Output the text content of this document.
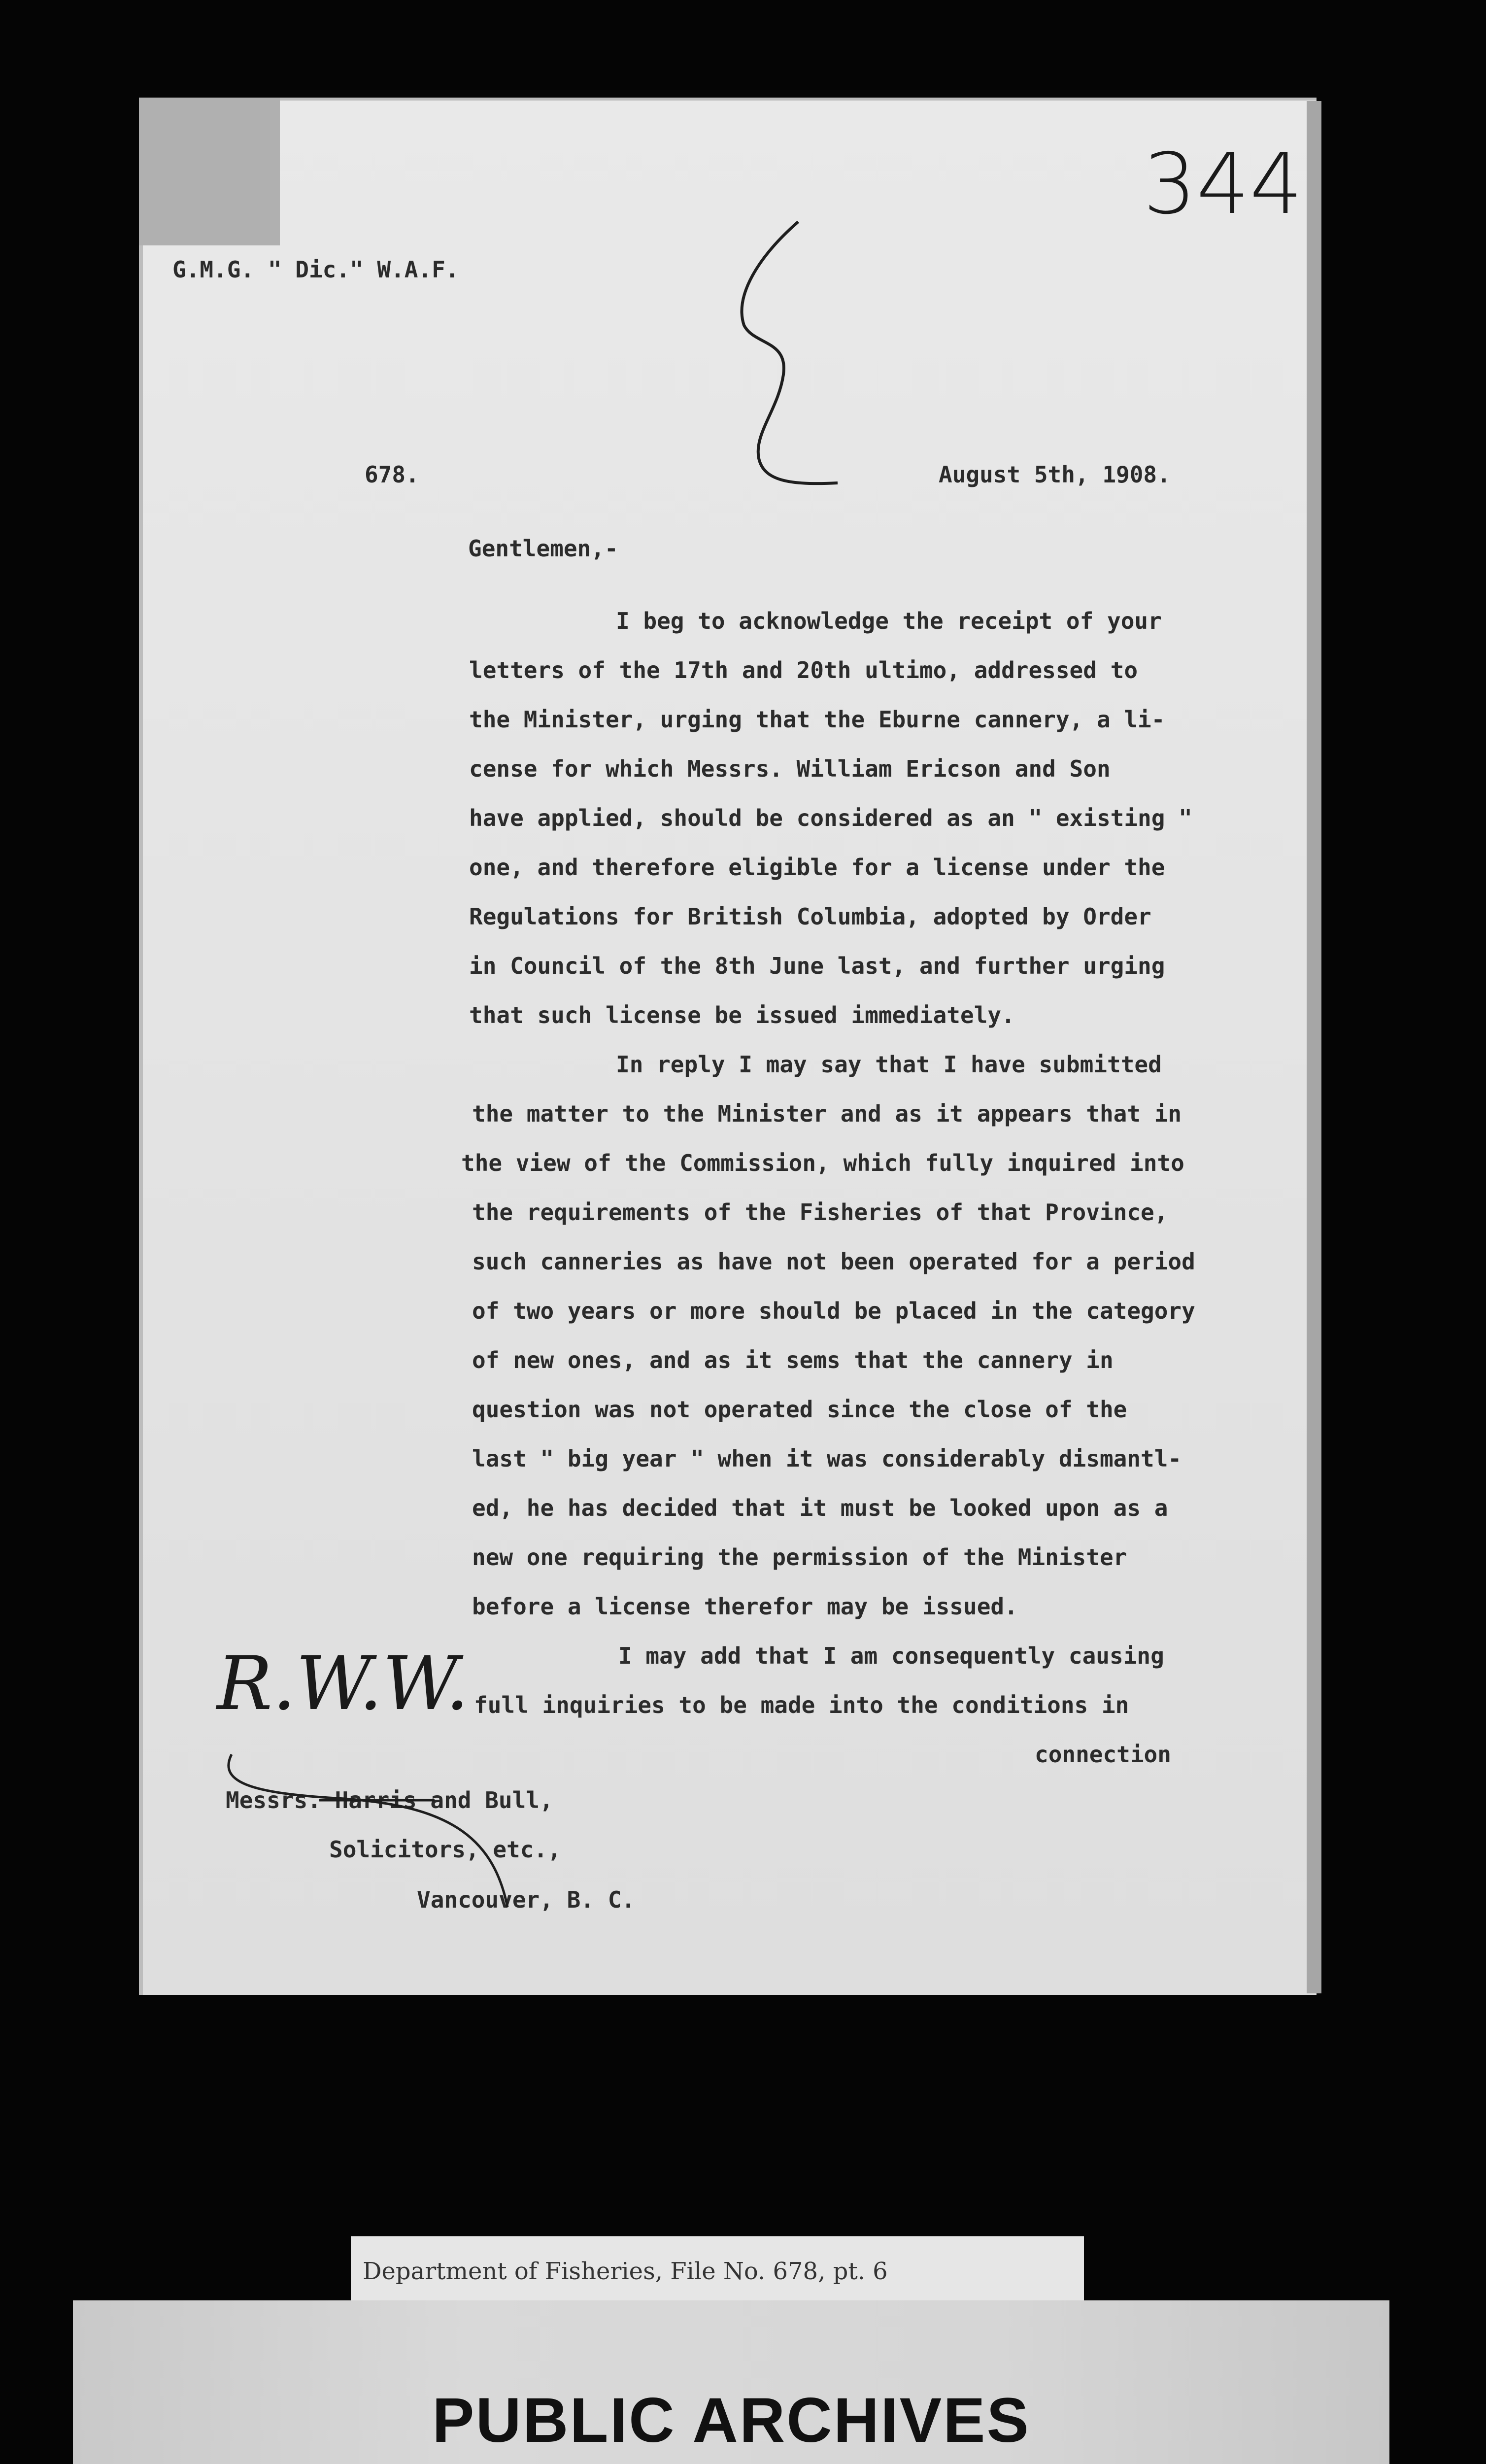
344
G.M.G. " Dic." W.A.F.
678.	August 5th, 1908.
Gentlemen,-
I beg to acknowledge the receipt of your
letters of the 17th and 20th ultimo, addressed to
the Minister, urging that the Eburne cannery, a li-
cense for which Messrs. William Ericson and Son
have applied, should be considered as an " existing "
one, and therefore eligible for a license under the
Regulations for British Columbia, adopted by Order
in Council of the 8th June last, and further urging
that such license be issued immediately.
In reply I may say that I have submitted
the matter to the Minister and as it appears that in
the view of the Commission, which fully inquired into
the requirements of the Fisheries of that Province,
such canneries as have not been operated for a period
of two years or more should be placed in the category
of new ones, and as it sems that the cannery in
question was not operated since the close of the
last " big year " when it was considerably dismantl-
ed, he has decided that it must be looked upon as a
new one requiring the permission of the Minister
before a license therefor may be issued.
I may add that I am consequently causing
full inquiries to be made into the conditions in
connection
R.W.W.
Messrs. Harris and Bull,
Solicitors, etc.,
Vancouver, B. C.
Department of Fisheries, File No. 678, pt. 6
PUBLIC ARCHIVES
